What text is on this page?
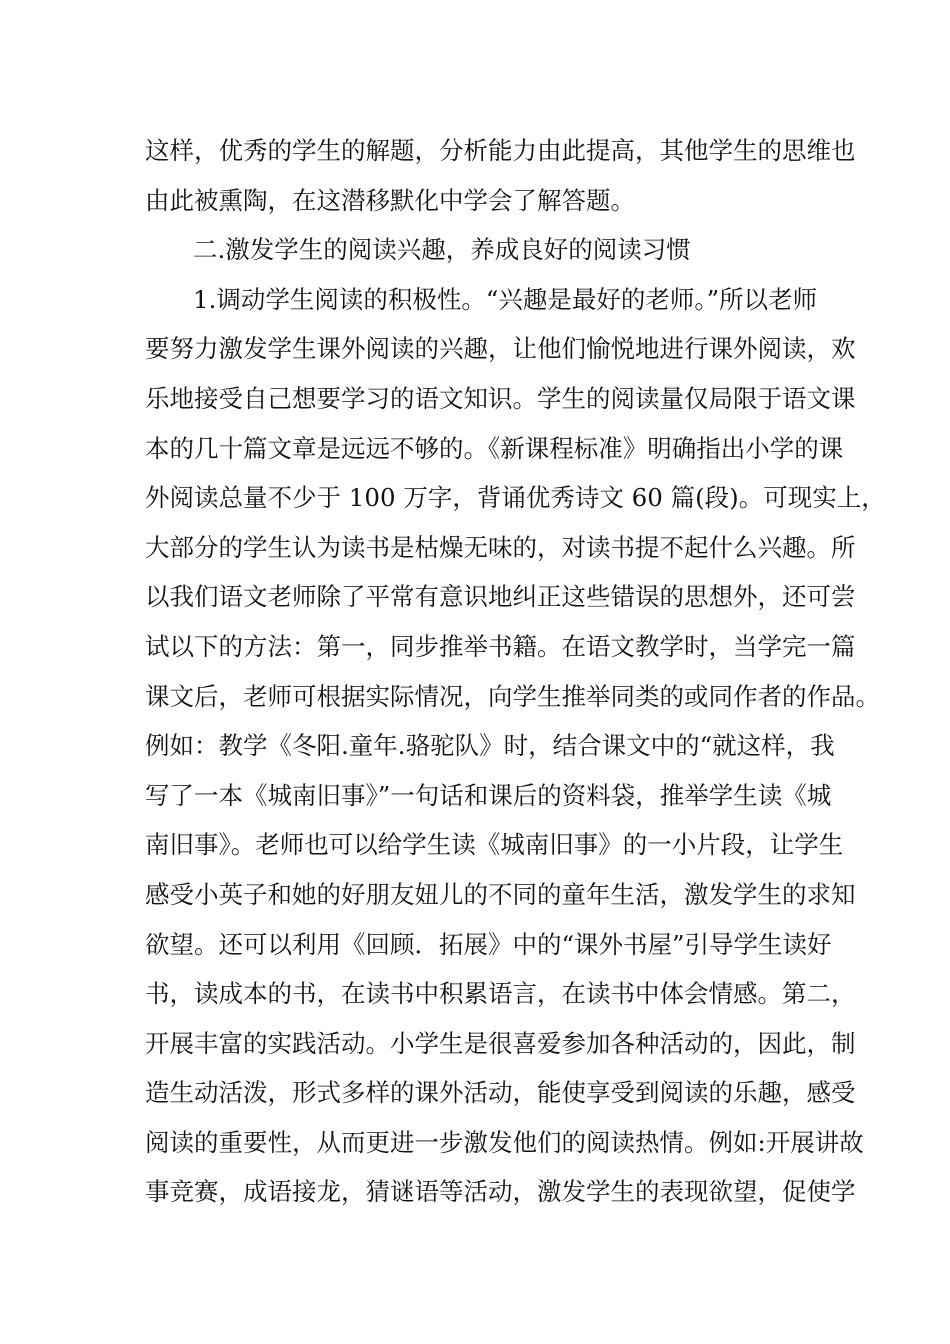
这样，优秀的学生的解题，分析能力由此提高，其他学生的思维也
由此被熏陶，在这潜移默化中学会了解答题。
二.激发学生的阅读兴趣，养成良好的阅读习惯
1.调动学生阅读的积极性。“兴趣是最好的老师。”所以老师
要努力激发学生课外阅读的兴趣，让他们愉悦地进行课外阅读，欢
乐地接受自己想要学习的语文知识。学生的阅读量仅局限于语文课
本的几十篇文章是远远不够的。《新课程标准》明确指出小学的课
外阅读总量不少于 100 万字，背诵优秀诗文 60 篇(段)。可现实上，
大部分的学生认为读书是枯燥无味的，对读书提不起什么兴趣。所
以我们语文老师除了平常有意识地纠正这些错误的思想外，还可尝
试以下的方法：第一，同步推举书籍。在语文教学时，当学完一篇
课文后，老师可根据实际情况，向学生推举同类的或同作者的作品。
例如：教学《冬阳.童年.骆驼队》时，结合课文中的“就这样，我
写了一本《城南旧事》”一句话和课后的资料袋，推举学生读《城
南旧事》。老师也可以给学生读《城南旧事》的一小片段，让学生
感受小英子和她的好朋友妞儿的不同的童年生活，激发学生的求知
欲望。还可以利用《回顾．拓展》中的“课外书屋”引导学生读好
书，读成本的书，在读书中积累语言，在读书中体会情感。第二，
开展丰富的实践活动。小学生是很喜爱参加各种活动的，因此，制
造生动活泼，形式多样的课外活动，能使享受到阅读的乐趣，感受
阅读的重要性，从而更进一步激发他们的阅读热情。例如:开展讲故
事竞赛，成语接龙，猜谜语等活动，激发学生的表现欲望，促使学
